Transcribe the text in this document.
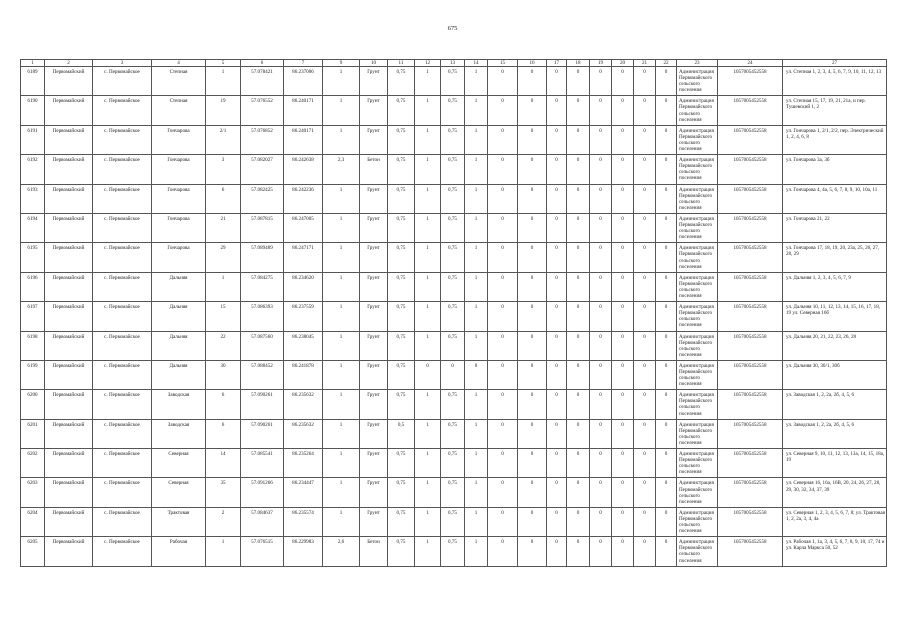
675
1	2	3	4	5	6	7	9	10	11	12	13	14	15	16	17	18	19	20	21	22	23	24	27
6189	Первомайский	с. Первомайское	Степная	1	57.078421	86.237006	1	Грунт	0,75	1	0,75	1	0	0	0	0	0	0	0	0	Администрация Первомайского сельского поселения	1057005452558	ул. Степная 1, 2, 3, 4, 5, 6, 7, 9, 10, 11, 12, 13
6190	Первомайский	с. Первомайское	Степная	19	57.076552	86.240171	1	Грунт	0,75	1	0,75	1	0	0	0	0	0	0	0	0	Администрация Первомайского сельского поселения	1057005452558	ул. Степная 15, 17, 19, 21, 21а, и пер. Тушевский 1, 2
6191	Первомайский	с. Первомайское	Гончарова	2/1	57.076852	86.240171	1	Грунт	0,75	1	0,75	1	0	0	0	0	0	0	0	0	Администрация Первомайского сельского поселения	1057005452558	ул. Гончарова 1, 2/1, 2/2, пер. Электрический 1, 2, 4, 6, 8
6192	Первомайский	с. Первомайское	Гончарова	3	57.082027	86.242638	2,3	Бетон	0,75	1	0,75	1	0	0	0	0	0	0	0	0	Администрация Первомайского сельского поселения	1057005452558	ул. Гончарова 3а, 3б
6193	Первомайский	с. Первомайское	Гончарова	6	57.082425	86.242236	1	Грунт	0,75	1	0,75	1	0	0	0	0	0	0	0	0	Администрация Первомайского сельского поселения	1057005452558	ул. Гончарова 4, 4а, 5, 6, 7, 8, 9, 10, 10а, 11
6194	Первомайский	с. Первомайское	Гончарова	21	57.087815	86.247005	1	Грунт	0,75	1	0,75	1	0	0	0	0	0	0	0	0	Администрация Первомайского сельского поселения	1057005452558	ул. Гончарова 21, 22
6195	Первомайский	с. Первомайское	Гончарова	29	57.089489	86.247171	1	Грунт	0,75	1	0,75	1	0	0	0	0	0	0	0	0	Администрация Первомайского сельского поселения	1057005452558	ул. Гончарова 17, 18, 19, 20, 23а, 25, 26, 27, 28, 29
6196	Первомайский	с. Первомайское	Дальняя	1	57.084275	86.234620	1	Грунт	0,75	1	0,75	1	0	0	0	0	0	0	0	0	Администрация Первомайского сельского поселения	1057005452558	ул. Дальняя 1, 2, 3, 4, 5, 6, 7, 9
6197	Первомайский	с. Первомайское	Дальняя	15	57.086393	86.237559	1	Грунт	0,75	1	0,75	1	0	0	0	0	0	0	0	0	Администрация Первомайского сельского поселения	1057005452558	ул. Дальняя 10, 11, 12, 13, 14, 15, 16, 17, 18, 19 ул. Северная 16б
6198	Первомайский	с. Первомайское	Дальняя	22	57.087560	86.238045	1	Грунт	0,75	1	0,75	1	0	0	0	0	0	0	0	0	Администрация Первомайского сельского поселения	1057005452558	ул. Дальняя 20, 21, 22, 23, 26, 28
6199	Первомайский	с. Первомайское	Дальняя	30	57.088452	86.241878	1	Грунт	0,75	0	0	0	0	0	0	0	0	0	0	0	Администрация Первомайского сельского поселения	1057005452558	ул. Дальняя 30, 30/1, 30б
6200	Первомайский	с. Первомайское	Заводская	6	57.090261	86.235632	1	Грунт	0,75	1	0,75	1	0	0	0	0	0	0	0	0	Администрация Первомайского сельского поселения	1057005452558	ул. Заводская 1, 2, 2а, 2б, 4, 5, 6
6201	Первомайский	с. Первомайское	Заводская	6	57.090261	86.235632	1	Грунт	0,5	1	0,75	1	0	0	0	0	0	0	0	0	Администрация Первомайского сельского поселения	1057005452558	ул. Заводская 1, 2, 2а, 2б, 4, 5, 6
6202	Первомайский	с. Первомайское	Северная	14	57.085541	86.235264	1	Грунт	0,75	1	0,75	1	0	0	0	0	0	0	0	0	Администрация Первомайского сельского поселения	1057005452558	ул. Северная 9, 10, 11, 12, 13, 13а, 14, 15, 18а, 19
6203	Первомайский	с. Первомайское	Северная	35	57.091266	86.234447	1	Грунт	0,75	1	0,75	1	0	0	0	0	0	0	0	0	Администрация Первомайского сельского поселения	1057005452558	ул. Северная 16, 16а, 16В, 20, 24, 26, 27, 28, 29, 30, 32, 34, 37, 39
6204	Первомайский	с. Первомайское	Трактовая	2	57.084637	86.235574	1	Грунт	0,75	1	0,75	1	0	0	0	0	0	0	0	0	Администрация Первомайского сельского поселения	1057005452558	ул. Северная 1, 2, 3, 4, 5, 6, 7, 8; ул. Трактовая 1, 2, 2а, 3, 4, 4а
6205	Первомайский	с. Первомайское	Рабочая	1	57.076515	86.229983	2,6	Бетон	0,75	1	0,75	1	0	0	0	0	0	0	0	0	Администрация Первомайского сельского поселения	1057005452558	ул. Рабочая 1, 1а, 3, 4, 5, 6, 7, 8, 9, 10, 17, 74 и ул. Карла Маркса 50, 52
